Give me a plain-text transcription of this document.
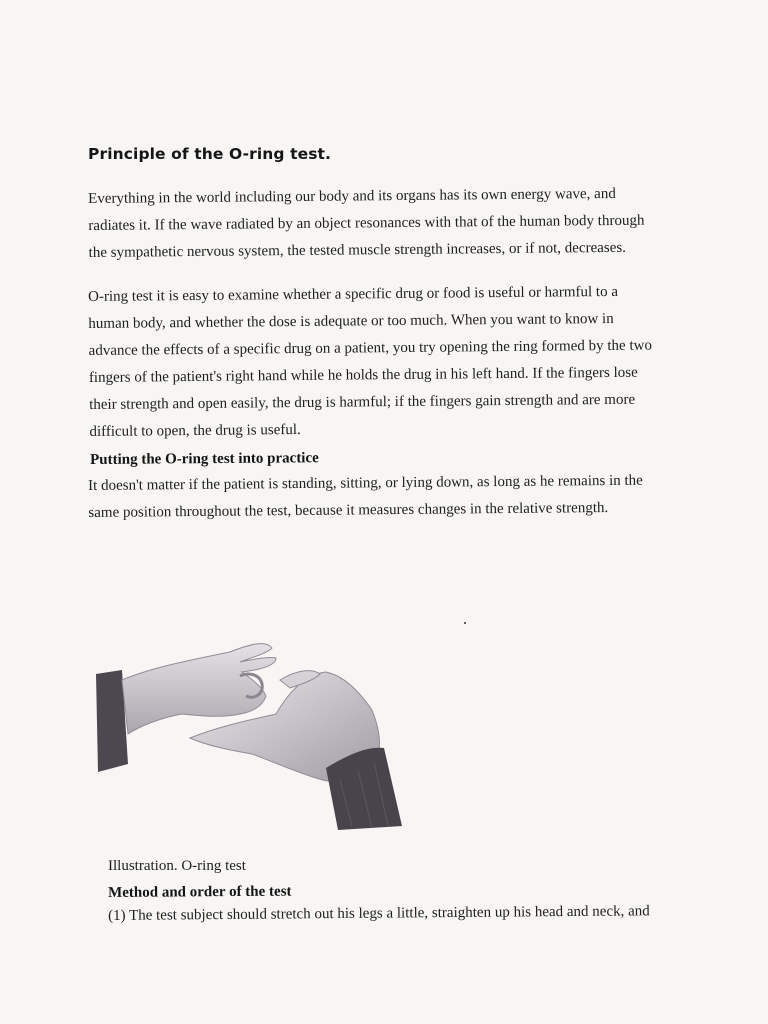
Principle of the O-ring test.
Everything in the world including our body and its organs has its own energy wave, and
radiates it. If the wave radiated by an object resonances with that of the human body through
the sympathetic nervous system, the tested muscle strength increases, or if not, decreases.
O-ring test it is easy to examine whether a specific drug or food is useful or harmful to a
human body, and whether the dose is adequate or too much. When you want to know in
advance the effects of a specific drug on a patient, you try opening the ring formed by the two
fingers of the patient's right hand while he holds the drug in his left hand. If the fingers lose
their strength and open easily, the drug is harmful; if the fingers gain strength and are more
difficult to open, the drug is useful.
Putting the O-ring test into practice
It doesn't matter if the patient is standing, sitting, or lying down, as long as he remains in the
same position throughout the test, because it measures changes in the relative strength.
Illustration. O-ring test
Method and order of the test
(1) The test subject should stretch out his legs a little, straighten up his head and neck, and
